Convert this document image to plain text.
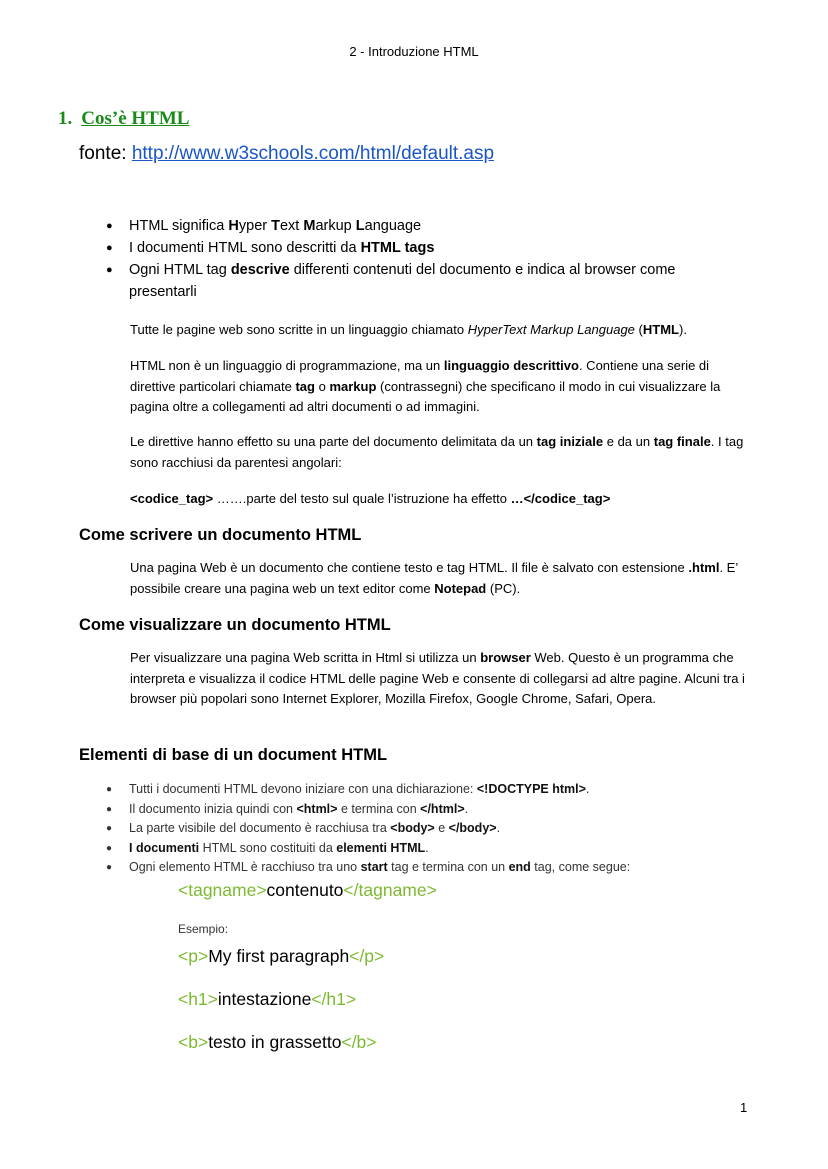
2 - Introduzione HTML
1. Cos’è HTML
fonte: http://www.w3schools.com/html/default.asp
● HTML significa Hyper Text Markup Language
● I documenti HTML sono descritti da HTML tags
● Ogni HTML tag descrive differenti contenuti del documento e indica al browser come presentarli
Tutte le pagine web sono scritte in un linguaggio chiamato HyperText Markup Language (HTML).
HTML non è un linguaggio di programmazione, ma un linguaggio descrittivo. Contiene una serie di direttive particolari chiamate tag o markup (contrassegni) che specificano il modo in cui visualizzare la pagina oltre a collegamenti ad altri documenti o ad immagini.
Le direttive hanno effetto su una parte del documento delimitata da un tag iniziale e da un tag finale. I tag sono racchiusi da parentesi angolari:
<codice_tag> …….parte del testo sul quale l’istruzione ha effetto …</codice_tag>
Come scrivere un documento HTML
Una pagina Web è un documento che contiene testo e tag HTML. Il file è salvato con estensione .html. E’ possibile creare una pagina web un text editor come Notepad (PC).
Come visualizzare un documento HTML
Per visualizzare una pagina Web scritta in Html si utilizza un browser Web. Questo è un programma che interpreta e visualizza il codice HTML delle pagine Web e consente di collegarsi ad altre pagine. Alcuni tra i browser più popolari sono Internet Explorer, Mozilla Firefox, Google Chrome, Safari, Opera.
Elementi di base di un document HTML
● Tutti i documenti HTML devono iniziare con una dichiarazione: <!DOCTYPE html>.
● Il documento inizia quindi con <html> e termina con </html>.
● La parte visibile del documento è racchiusa tra <body> e </body>.
● I documenti HTML sono costituiti da elementi HTML.
● Ogni elemento HTML è racchiuso tra uno start tag e termina con un end tag, come segue:
<tagname>contenuto</tagname>
Esempio:
<p>My first paragraph</p>
<h1>intestazione</h1>
<b>testo in grassetto</b>
1
